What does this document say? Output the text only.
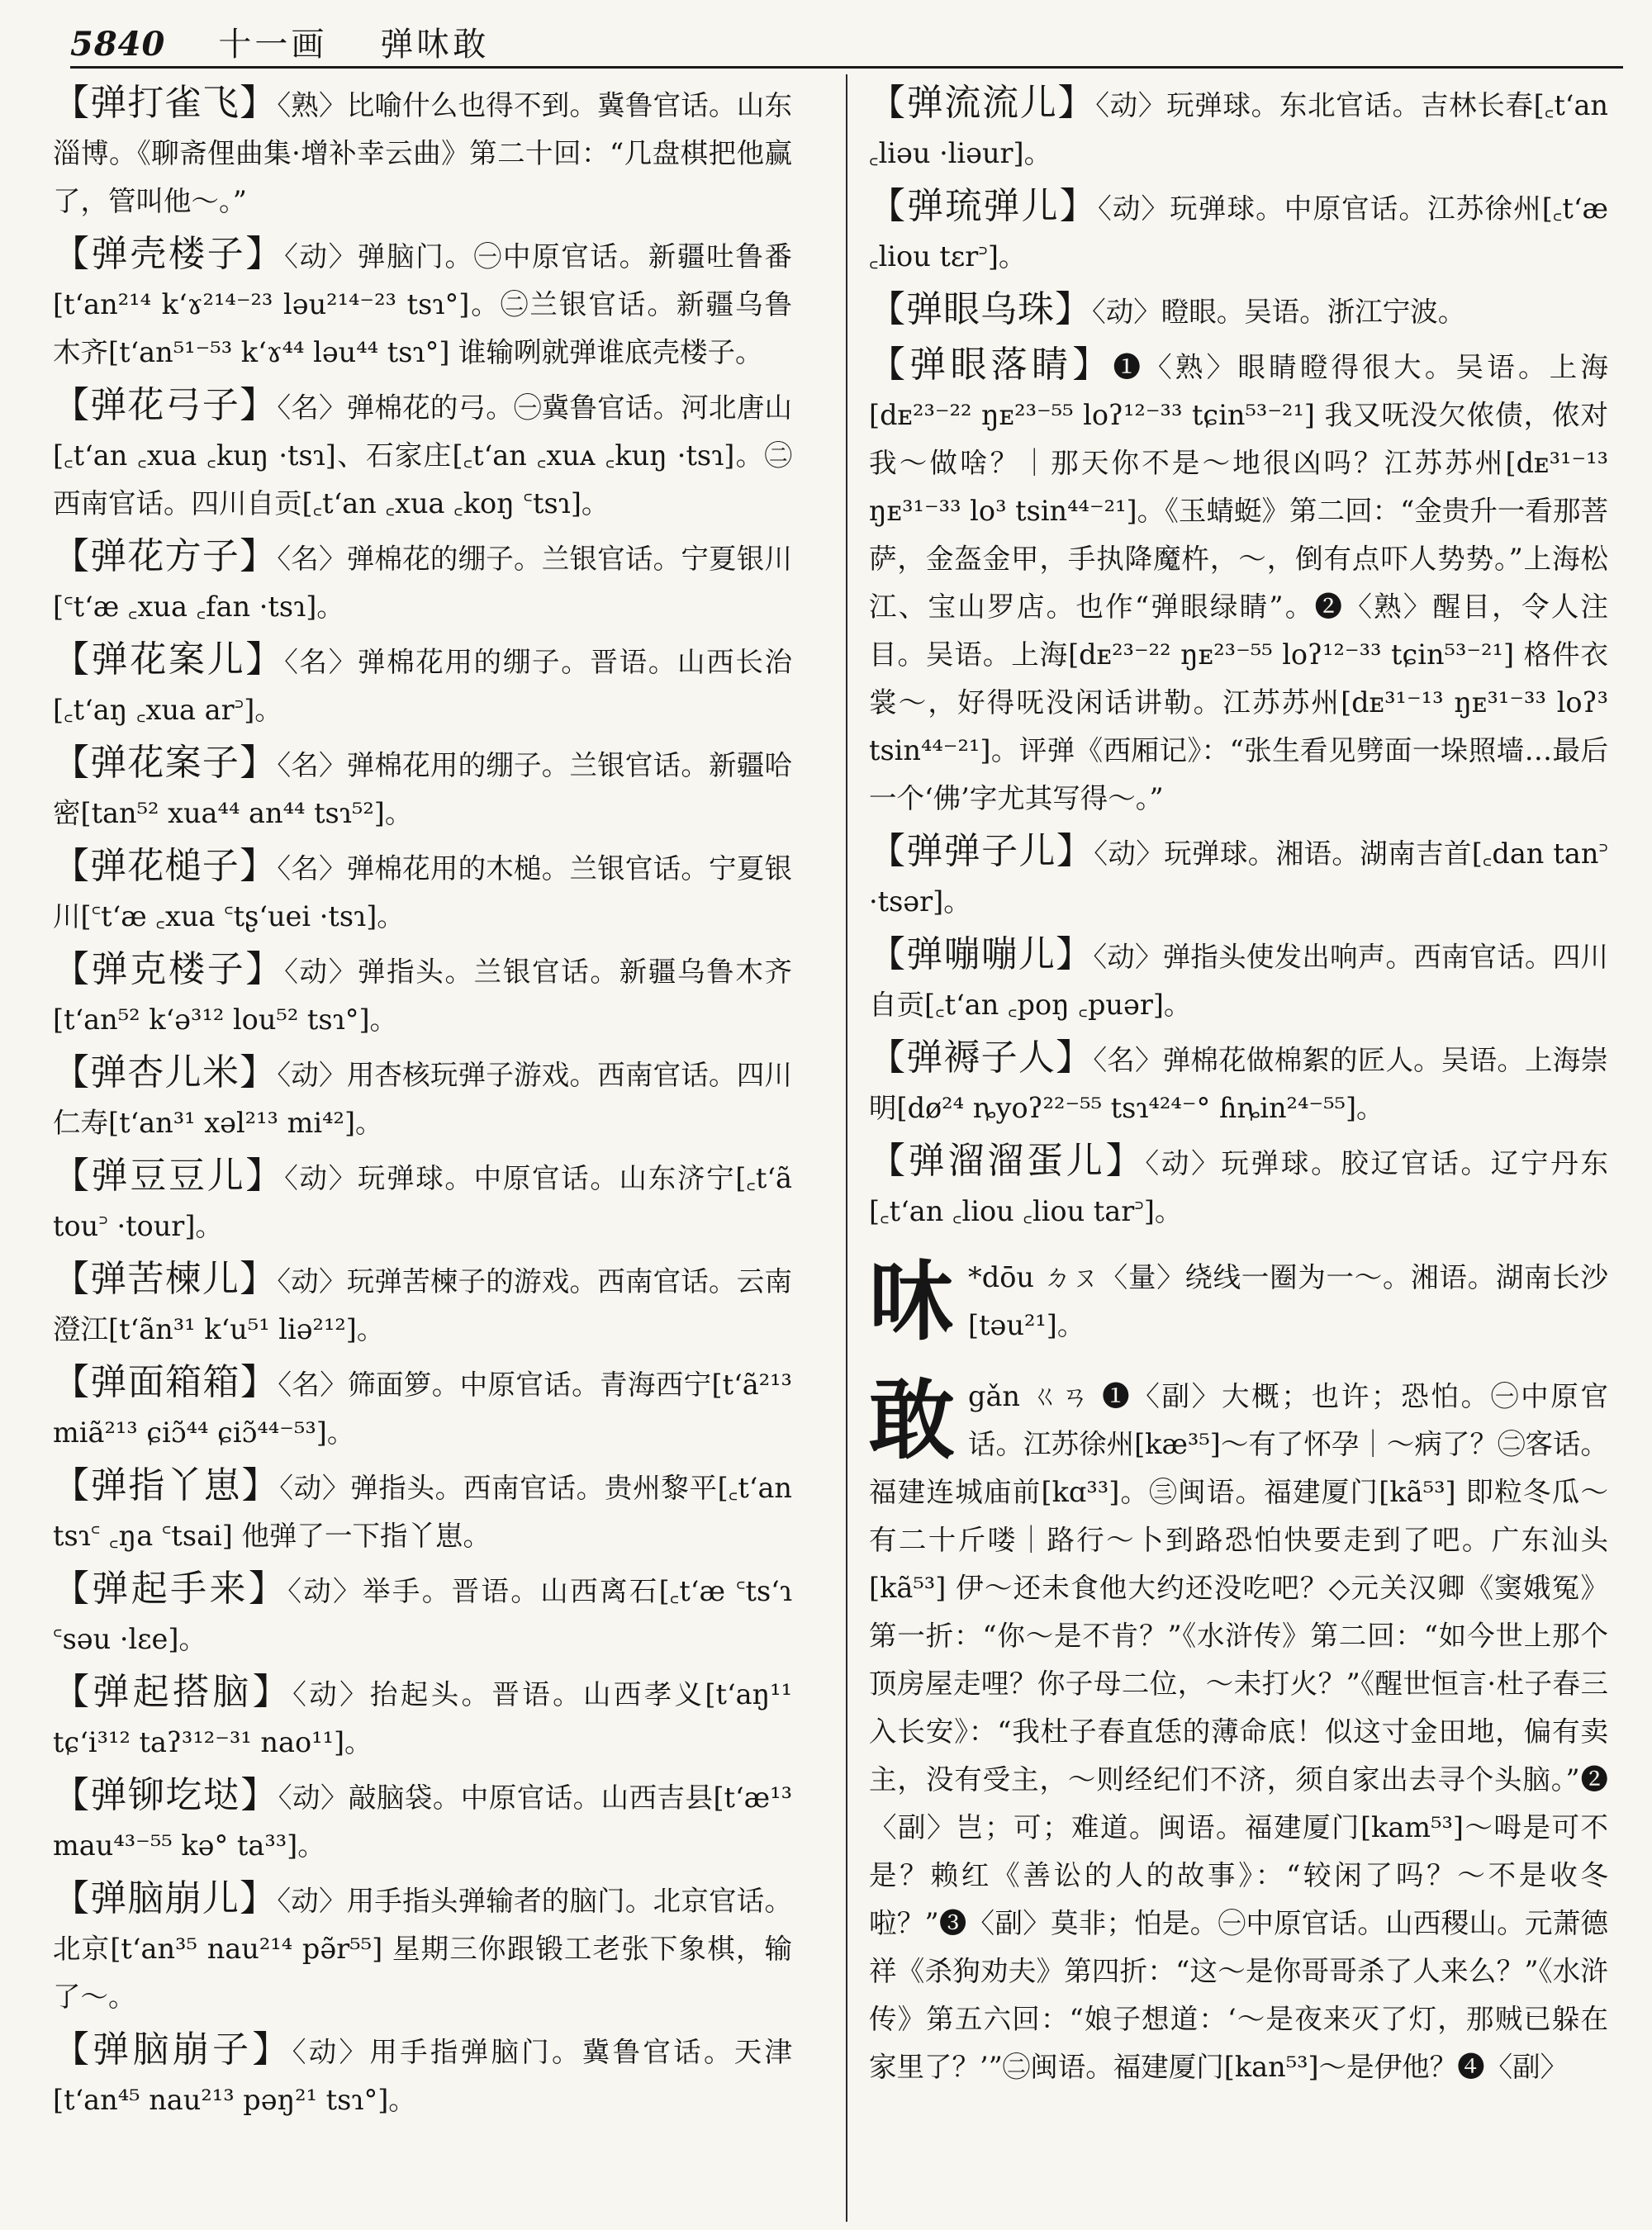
5840 十一画 弹㕲敢

【弹打雀飞】〈熟〉比喻什么也得不到。冀鲁官话。山东淄博。《聊斋俚曲集·增补幸云曲》第二十回：“几盘棋把他赢了，管叫他～。”

【弹壳楼子】〈动〉弹脑门。㊀中原官话。新疆吐鲁番[tʻan²¹⁴ kʻɤ²¹⁴⁻²³ ləu²¹⁴⁻²³ tsɿ°]。㊁兰银官话。新疆乌鲁木齐[tʻan⁵¹⁻⁵³ kʻɤ⁴⁴ ləu⁴⁴ tsɿ°] 谁输咧就弹谁底壳楼子。

【弹花弓子】〈名〉弹棉花的弓。㊀冀鲁官话。河北唐山[꜀tʻan ꜀xua ꜀kuŋ ·tsɿ]、石家庄[꜀tʻan ꜀xuᴀ ꜀kuŋ ·tsɿ]。㊁西南官话。四川自贡[꜀tʻan ꜀xua ꜀koŋ ꜂tsɿ]。

【弹花方子】〈名〉弹棉花的绷子。兰银官话。宁夏银川[꜂tʻæ ꜀xua ꜀fan ·tsɿ]。

【弹花案儿】〈名〉弹棉花用的绷子。晋语。山西长治[꜀tʻaŋ ꜀xua ar꜄]。

【弹花案子】〈名〉弹棉花用的绷子。兰银官话。新疆哈密[tan⁵² xua⁴⁴ an⁴⁴ tsɿ⁵²]。

【弹花槌子】〈名〉弹棉花用的木槌。兰银官话。宁夏银川[꜂tʻæ ꜀xua ꜂tʂʻuei ·tsɿ]。

【弹克楼子】〈动〉弹指头。兰银官话。新疆乌鲁木齐[tʻan⁵² kʻə³¹² lou⁵² tsɿ°]。

【弹杏儿米】〈动〉用杏核玩弹子游戏。西南官话。四川仁寿[tʻan³¹ xəl²¹³ mi⁴²]。

【弹豆豆儿】〈动〉玩弹球。中原官话。山东济宁[꜀tʻã tou꜄ ·tour]。

【弹苦楝儿】〈动〉玩弹苦楝子的游戏。西南官话。云南澄江[tʻãn³¹ kʻu⁵¹ liə²¹²]。

【弹面箱箱】〈名〉筛面箩。中原官话。青海西宁[tʻã²¹³ miã²¹³ ɕiɔ̃⁴⁴ ɕiɔ̃⁴⁴⁻⁵³]。

【弹指丫崽】〈动〉弹指头。西南官话。贵州黎平[꜀tʻan tsɿ꜂ ꜀ŋa ꜂tsai] 他弹了一下指丫崽。

【弹起手来】〈动〉举手。晋语。山西离石[꜀tʻæ ꜂tsʻɿ ꜂səu ·lɛe]。

【弹起搭脑】〈动〉抬起头。晋语。山西孝义[tʻaŋ¹¹ tɕʻi³¹² taʔ³¹²⁻³¹ nao¹¹]。

【弹铆圪垯】〈动〉敲脑袋。中原官话。山西吉县[tʻæ¹³ mau⁴³⁻⁵⁵ kə° ta³³]。

【弹脑崩儿】〈动〉用手指头弹输者的脑门。北京官话。北京[tʻan³⁵ nau²¹⁴ pə̃r⁵⁵] 星期三你跟锻工老张下象棋，输了～。

【弹脑崩子】〈动〉用手指弹脑门。冀鲁官话。天津[tʻan⁴⁵ nau²¹³ pəŋ²¹ tsɿ°]。

【弹流流儿】〈动〉玩弹球。东北官话。吉林长春[꜀tʻan ꜀liəu ·liəur]。

【弹琉弹儿】〈动〉玩弹球。中原官话。江苏徐州[꜀tʻæ ꜀liou tɛr꜄]。

【弹眼乌珠】〈动〉瞪眼。吴语。浙江宁波。

【弹眼落睛】❶〈熟〉眼睛瞪得很大。吴语。上海[dᴇ²³⁻²² ŋᴇ²³⁻⁵⁵ loʔ¹²⁻³³ tɕin⁵³⁻²¹] 我又呒没欠侬债，侬对我～做啥？｜那天你不是～地很凶吗？江苏苏州[dᴇ³¹⁻¹³ ŋᴇ³¹⁻³³ lo³ tsin⁴⁴⁻²¹]。《玉蜻蜓》第二回：“金贵升一看那菩萨，金盔金甲，手执降魔杵，～，倒有点吓人势势。”上海松江、宝山罗店。也作“弹眼绿睛”。❷〈熟〉醒目，令人注目。吴语。上海[dᴇ²³⁻²² ŋᴇ²³⁻⁵⁵ loʔ¹²⁻³³ tɕin⁵³⁻²¹] 格件衣裳～，好得呒没闲话讲勒。江苏苏州[dᴇ³¹⁻¹³ ŋᴇ³¹⁻³³ loʔ³ tsin⁴⁴⁻²¹]。评弹《西厢记》：“张生看见劈面一垛照墙…最后一个‘佛’字尤其写得～。”

【弹弹子儿】〈动〉玩弹球。湘语。湖南吉首[꜀dan tan꜄ ·tsər]。

【弹嘣嘣儿】〈动〉弹指头使发出响声。西南官话。四川自贡[꜀tʻan ꜀poŋ ꜀puər]。

【弹褥子人】〈名〉弹棉花做棉絮的匠人。吴语。上海崇明[dø²⁴ ȵyoʔ²²⁻⁵⁵ tsɿ⁴²⁴⁻° ɦȵin²⁴⁻⁵⁵]。

【弹溜溜蛋儿】〈动〉玩弹球。胶辽官话。辽宁丹东[꜀tʻan ꜀liou ꜀liou tar꜄]。

㕲 *dōu ㄉㄡ〈量〉绕线一圈为一～。湘语。湖南长沙[təu²¹]。
敢 gǎn ㄍㄢ ❶〈副〉大概；也许；恐怕。㊀中原官话。江苏徐州[kæ³⁵]～有了怀孕｜～病了？㊁客话。福建连城庙前[kɑ³³]。㊂闽语。福建厦门[kã⁵³] 即粒冬瓜～有二十斤喽｜路行～卜到路恐怕快要走到了吧。广东汕头[kã⁵³] 伊～还未食他大约还没吃吧？◇元关汉卿《窦娥冤》第一折：“你～是不肯？”《水浒传》第二回：“如今世上那个顶房屋走哩？你子母二位，～未打火？”《醒世恒言·杜子春三入长安》：“我杜子春直恁的薄命底！似这寸金田地，偏有卖主，没有受主，～则经纪们不济，须自家出去寻个头脑。”❷〈副〉岂；可；难道。闽语。福建厦门[kam⁵³]～呣是可不是？赖红《善讼的人的故事》：“较闲了吗？～不是收冬啦？”❸〈副〉莫非；怕是。㊀中原官话。山西稷山。元萧德祥《杀狗劝夫》第四折：“这～是你哥哥杀了人来么？”《水浒传》第五六回：“娘子想道：‘～是夜来灭了灯，那贼已躲在家里了？’”㊁闽语。福建厦门[kan⁵³]～是伊他？❹〈副〉
